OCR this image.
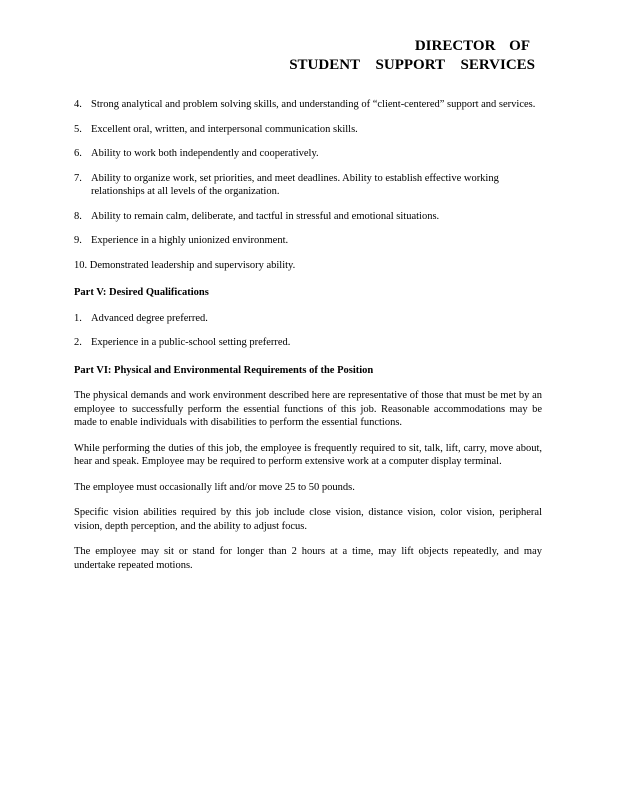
DIRECTOR OF
STUDENT SUPPORT SERVICES
4. Strong analytical and problem solving skills, and understanding of “client-centered” support and services.
5. Excellent oral, written, and interpersonal communication skills.
6. Ability to work both independently and cooperatively.
7. Ability to organize work, set priorities, and meet deadlines. Ability to establish effective working relationships at all levels of the organization.
8. Ability to remain calm, deliberate, and tactful in stressful and emotional situations.
9. Experience in a highly unionized environment.
10. Demonstrated leadership and supervisory ability.
Part V: Desired Qualifications
1. Advanced degree preferred.
2. Experience in a public-school setting preferred.
Part VI: Physical and Environmental Requirements of the Position
The physical demands and work environment described here are representative of those that must be met by an employee to successfully perform the essential functions of this job. Reasonable accommodations may be made to enable individuals with disabilities to perform the essential functions.
While performing the duties of this job, the employee is frequently required to sit, talk, lift, carry, move about, hear and speak. Employee may be required to perform extensive work at a computer display terminal.
The employee must occasionally lift and/or move 25 to 50 pounds.
Specific vision abilities required by this job include close vision, distance vision, color vision, peripheral vision, depth perception, and the ability to adjust focus.
The employee may sit or stand for longer than 2 hours at a time, may lift objects repeatedly, and may undertake repeated motions.
